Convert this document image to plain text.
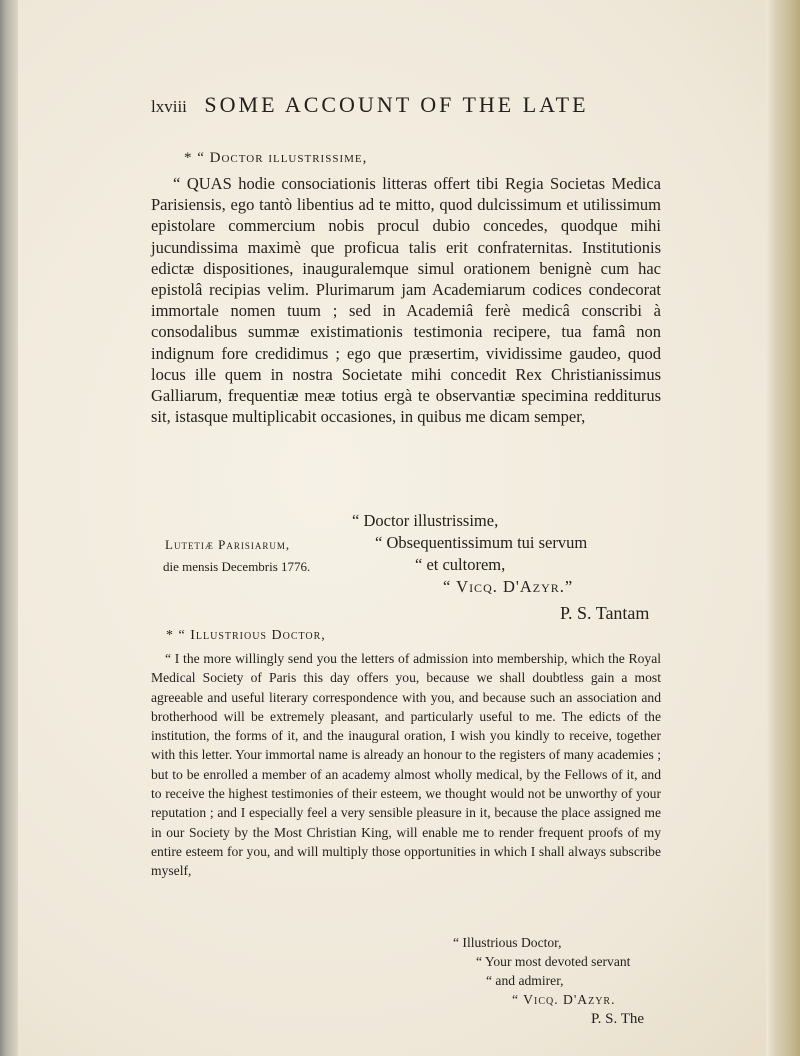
lxviii SOME ACCOUNT OF THE LATE
* “ Doctor illustrissime,

“ QUAS hodie consociationis litteras offert tibi Regia Societas Medica Parisiensis, ego tantò libentius ad te mitto, quod dulcissimum et utilissimum epistolare commercium nobis procul dubio concedes, quodque mihi jucundissima maximè que proficua talis erit confraternitas. Institutionis edictæ dispositiones, inauguralemque simul orationem benignè cum hac epistolâ recipias velim. Plurimarum jam Academiarum codices condecorat immortale nomen tuum ; sed in Academiâ ferè medicâ conscribi à consodalibus summæ existimationis testimonia recipere, tua famâ non indignum fore credidimus ; ego que præsertim, vividissime gaudeo, quod locus ille quem in nostra Societate mihi concedit Rex Christianissimus Galliarum, frequentiæ meæ totius ergà te observantiæ specimina redditurus sit, istasque multiplicabit occasiones, in quibus me dicam semper,

“ Doctor illustrissime,
“ Obsequentissimum tui servum
“ et cultorem,
“ Vicq. D'Azyr.”
Lutetiæ Parisiarum,
die mensis Decembris 1776.
P. S. Tantam
* “ Illustrious Doctor,

“ I the more willingly send you the letters of admission into membership, which the Royal Medical Society of Paris this day offers you, because we shall doubtless gain a most agreeable and useful literary correspondence with you, and because such an association and brotherhood will be extremely pleasant, and particularly useful to me. The edicts of the institution, the forms of it, and the inaugural oration, I wish you kindly to receive, together with this letter. Your immortal name is already an honour to the registers of many academies ; but to be enrolled a member of an academy almost wholly medical, by the Fellows of it, and to receive the highest testimonies of their esteem, we thought would not be unworthy of your reputation ; and I especially feel a very sensible pleasure in it, because the place assigned me in our Society by the Most Christian King, will enable me to render frequent proofs of my entire esteem for you, and will multiply those opportunities in which I shall always subscribe myself,

“ Illustrious Doctor,
“ Your most devoted servant
“ and admirer,
“ Vicq. D'Azyr.
P. S. The
